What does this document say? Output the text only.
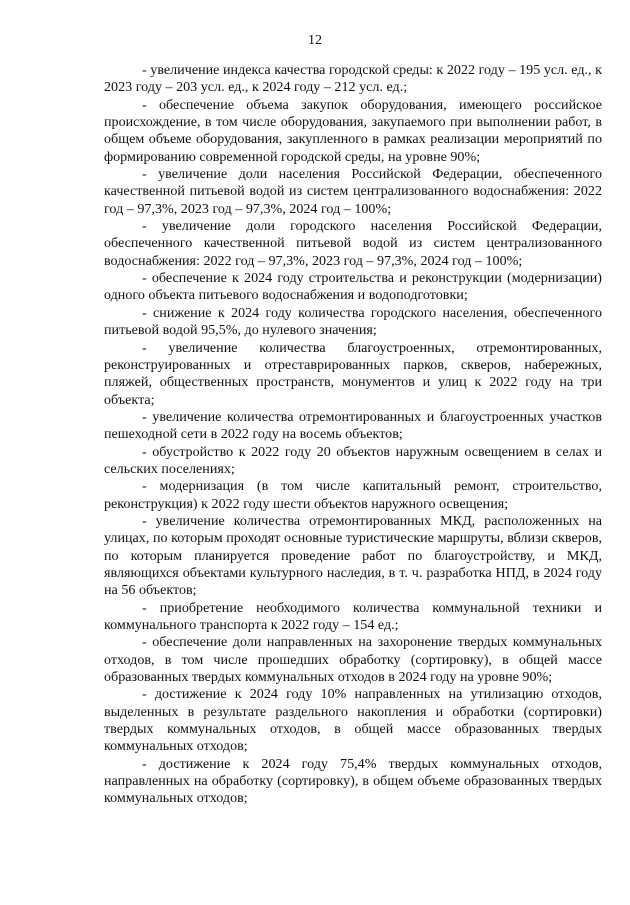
12

- увеличение индекса качества городской среды: к 2022 году – 195 усл. ед., к 2023 году – 203 усл. ед., к 2024 году – 212 усл. ед.;

- обеспечение объема закупок оборудования, имеющего российское происхождение, в том числе оборудования, закупаемого при выполнении работ, в общем объеме оборудования, закупленного в рамках реализации мероприятий по формированию современной городской среды, на уровне 90%;

- увеличение доли населения Российской Федерации, обеспеченного качественной питьевой водой из систем централизованного водоснабжения: 2022 год – 97,3%, 2023 год – 97,3%, 2024 год – 100%;

- увеличение доли городского населения Российской Федерации, обеспеченного качественной питьевой водой из систем централизованного водоснабжения: 2022 год – 97,3%, 2023 год – 97,3%, 2024 год – 100%;

- обеспечение к 2024 году строительства и реконструкции (модернизации) одного объекта питьевого водоснабжения и водоподготовки;

- снижение к 2024 году количества городского населения, обеспеченного питьевой водой 95,5%, до нулевого значения;

- увеличение количества благоустроенных, отремонтированных, реконструированных и отреставрированных парков, скверов, набережных, пляжей, общественных пространств, монументов и улиц к 2022 году на три объекта;

- увеличение количества отремонтированных и благоустроенных участков пешеходной сети в 2022 году на восемь объектов;

- обустройство к 2022 году 20 объектов наружным освещением в селах и сельских поселениях;

- модернизация (в том числе капитальный ремонт, строительство, реконструкция) к 2022 году шести объектов наружного освещения;

- увеличение количества отремонтированных МКД, расположенных на улицах, по которым проходят основные туристические маршруты, вблизи скверов, по которым планируется проведение работ по благоустройству, и МКД, являющихся объектами культурного наследия, в т. ч. разработка НПД, в 2024 году на 56 объектов;

- приобретение необходимого количества коммунальной техники и коммунального транспорта к 2022 году – 154 ед.;

- обеспечение доли направленных на захоронение твердых коммунальных отходов, в том числе прошедших обработку (сортировку), в общей массе образованных твердых коммунальных отходов в 2024 году на уровне 90%;

- достижение к 2024 году 10% направленных на утилизацию отходов, выделенных в результате раздельного накопления и обработки (сортировки) твердых коммунальных отходов, в общей массе образованных твердых коммунальных отходов;

- достижение к 2024 году 75,4% твердых коммунальных отходов, направленных на обработку (сортировку), в общем объеме образованных твердых коммунальных отходов;
